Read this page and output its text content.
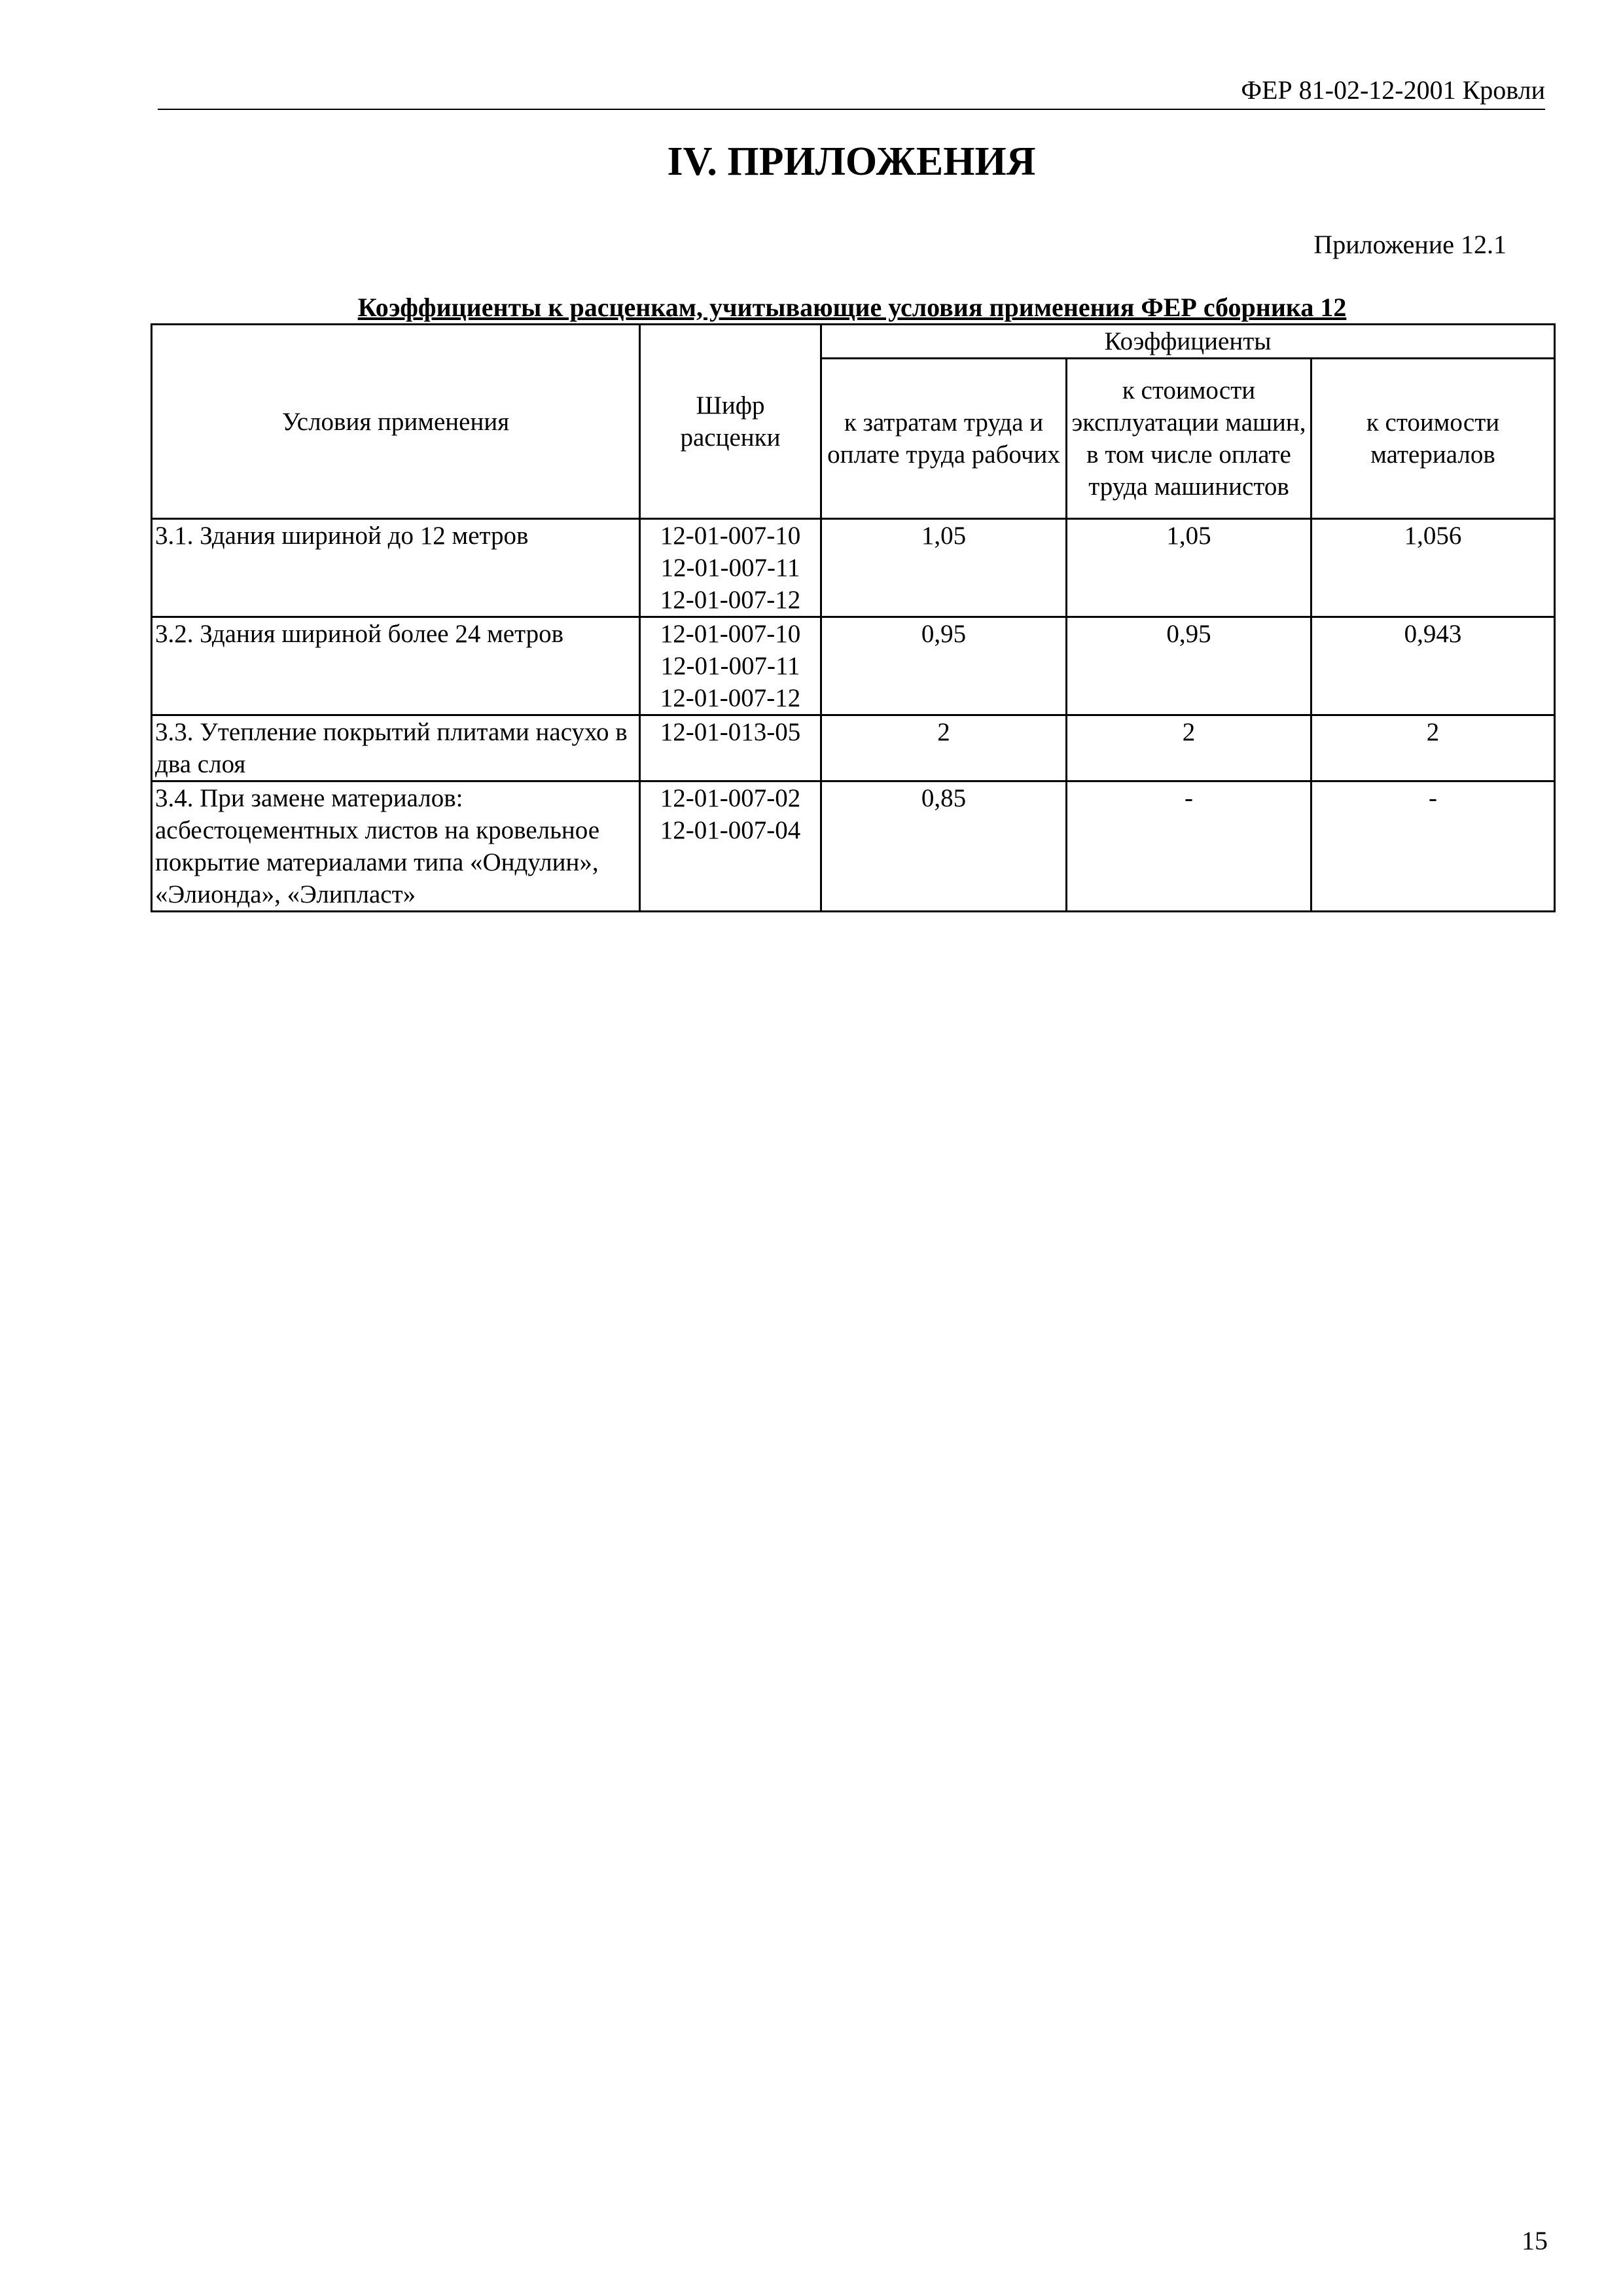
ФЕР 81-02-12-2001 Кровли
IV. ПРИЛОЖЕНИЯ
Приложение 12.1
Коэффициенты к расценкам, учитывающие условия применения ФЕР сборника 12
Условия применения	Шифр расценки	Коэффициенты		
		к затратам труда и оплате труда рабочих	к стоимости эксплуатации машин, в том числе оплате труда машинистов	к стоимости материалов
3.1. Здания шириной до 12 метров	12-01-007-10
12-01-007-11
12-01-007-12	1,05	1,05	1,056
3.2. Здания шириной более 24 метров	12-01-007-10
12-01-007-11
12-01-007-12	0,95	0,95	0,943
3.3. Утепление покрытий плитами насухо в два слоя	12-01-013-05	2	2	2
3.4. При замене материалов: асбестоцементных листов на кровельное покрытие материалами типа «Ондулин», «Элионда», «Элипласт»	12-01-007-02
12-01-007-04	0,85	-	-
15
